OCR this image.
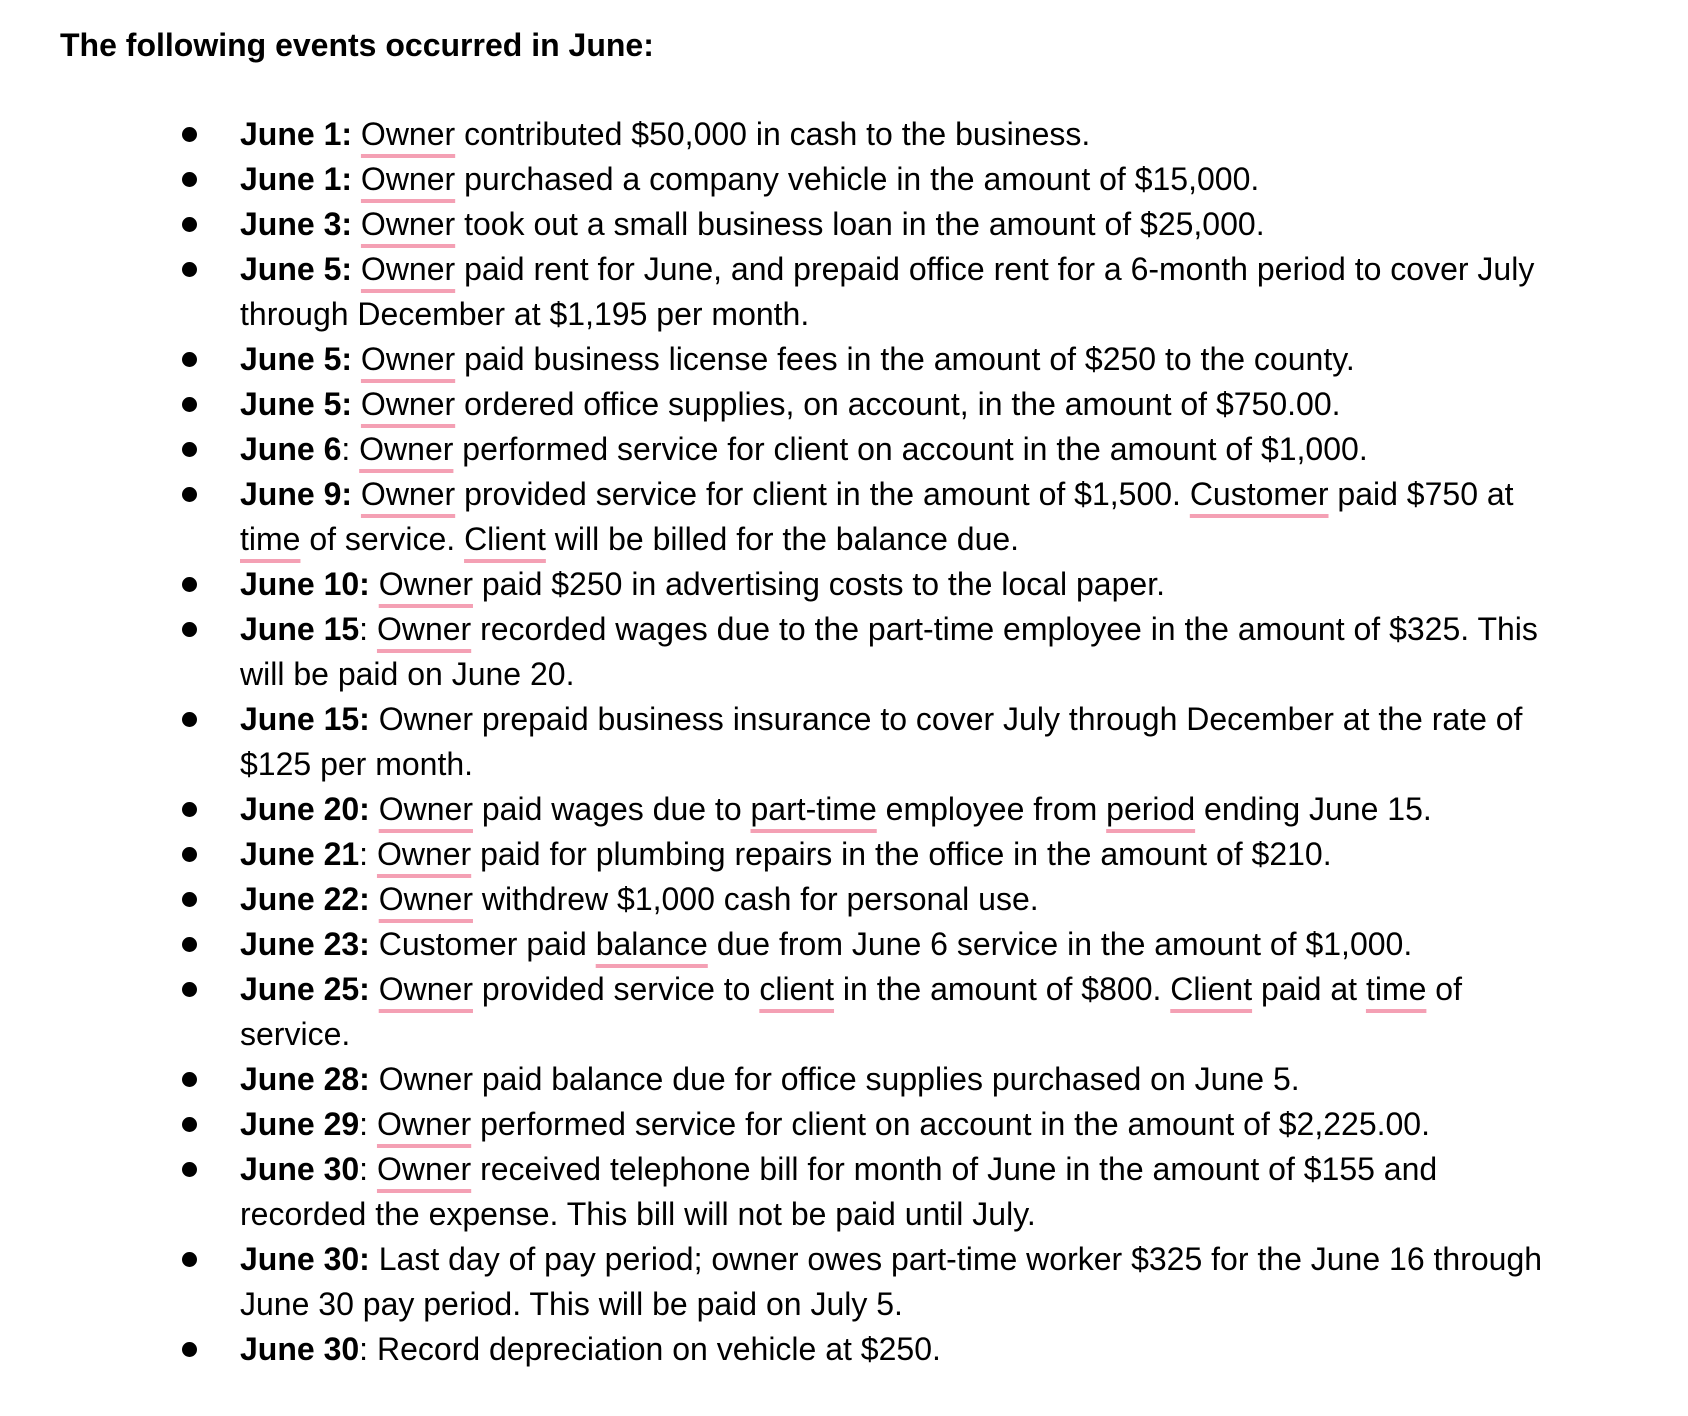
The following events occurred in June:
June 1: Owner contributed $50,000 in cash to the business.
June 1: Owner purchased a company vehicle in the amount of $15,000.
June 3: Owner took out a small business loan in the amount of $25,000.
June 5: Owner paid rent for June, and prepaid office rent for a 6-month period to cover July
through December at $1,195 per month.
June 5: Owner paid business license fees in the amount of $250 to the county.
June 5: Owner ordered office supplies, on account, in the amount of $750.00.
June 6: Owner performed service for client on account in the amount of $1,000.
June 9: Owner provided service for client in the amount of $1,500. Customer paid $750 at
time of service. Client will be billed for the balance due.
June 10: Owner paid $250 in advertising costs to the local paper.
June 15: Owner recorded wages due to the part-time employee in the amount of $325. This
will be paid on June 20.
June 15: Owner prepaid business insurance to cover July through December at the rate of
$125 per month.
June 20: Owner paid wages due to part-time employee from period ending June 15.
June 21: Owner paid for plumbing repairs in the office in the amount of $210.
June 22: Owner withdrew $1,000 cash for personal use.
June 23: Customer paid balance due from June 6 service in the amount of $1,000.
June 25: Owner provided service to client in the amount of $800. Client paid at time of
service.
June 28: Owner paid balance due for office supplies purchased on June 5.
June 29: Owner performed service for client on account in the amount of $2,225.00.
June 30: Owner received telephone bill for month of June in the amount of $155 and
recorded the expense. This bill will not be paid until July.
June 30: Last day of pay period; owner owes part-time worker $325 for the June 16 through
June 30 pay period. This will be paid on July 5.
June 30: Record depreciation on vehicle at $250.
